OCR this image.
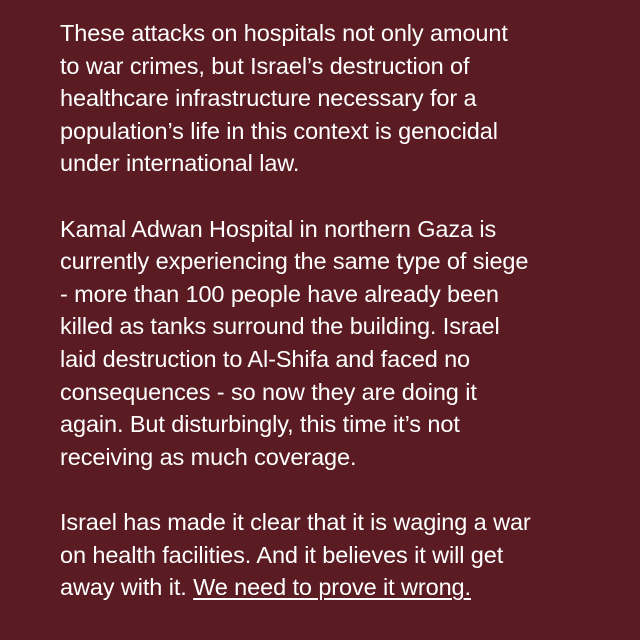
These attacks on hospitals not only amount
to war crimes, but Israel’s destruction of
healthcare infrastructure necessary for a
population’s life in this context is genocidal
under international law.

Kamal Adwan Hospital in northern Gaza is
currently experiencing the same type of siege
- more than 100 people have already been
killed as tanks surround the building. Israel
laid destruction to Al-Shifa and faced no
consequences - so now they are doing it
again. But disturbingly, this time it’s not
receiving as much coverage.

Israel has made it clear that it is waging a war
on health facilities. And it believes it will get
away with it. We need to prove it wrong.
